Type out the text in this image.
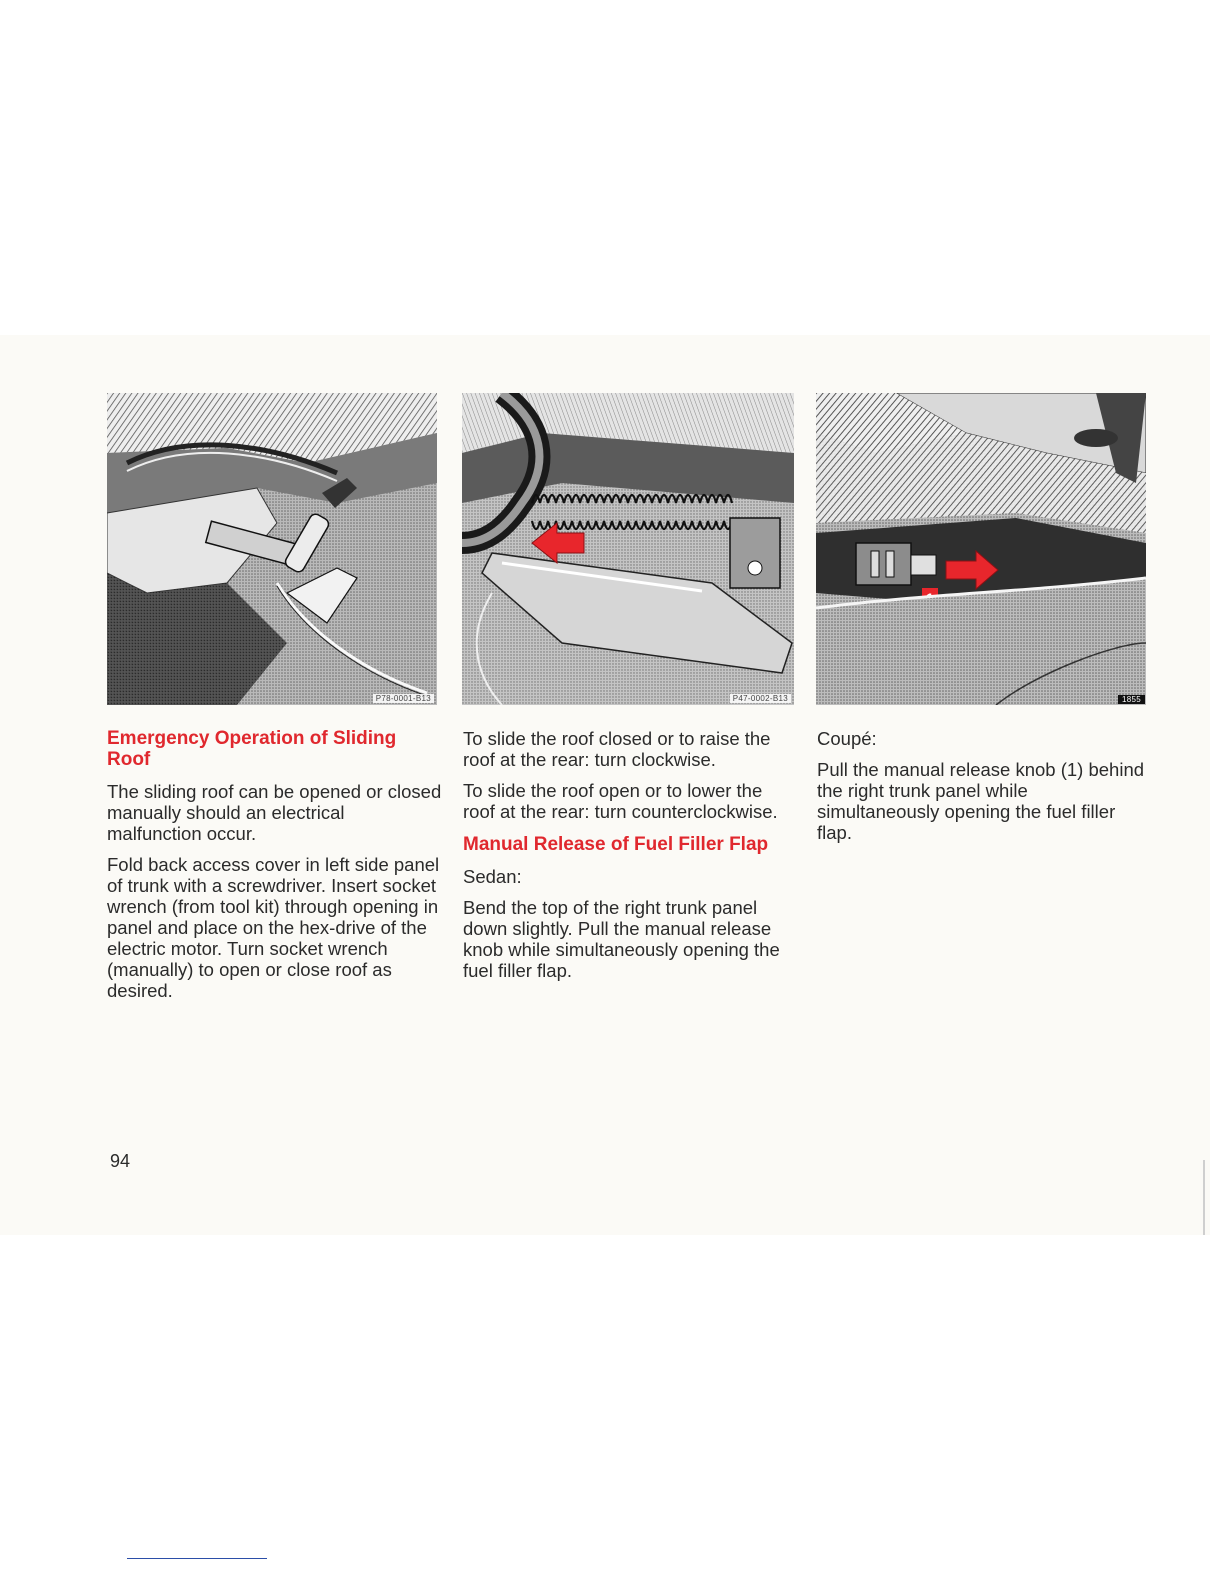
P78-0001-B13	P47-0002-B13	1855
Emergency Operation of Sliding Roof

The sliding roof can be opened or closed manually should an electrical malfunction occur.

Fold back access cover in left side panel of trunk with a screwdriver. Insert socket wrench (from tool kit) through opening in panel and place on the hex-drive of the electric motor. Turn socket wrench (manually) to open or close roof as desired.

To slide the roof closed or to raise the roof at the rear: turn clockwise.

To slide the roof open or to lower the roof at the rear: turn counterclockwise.

Manual Release of Fuel Filler Flap

Sedan:

Bend the top of the right trunk panel down slightly. Pull the manual release knob while simultaneously opening the fuel filler flap.

Coupé:

Pull the manual release knob (1) behind the right trunk panel while simultaneously opening the fuel filler flap.

94
